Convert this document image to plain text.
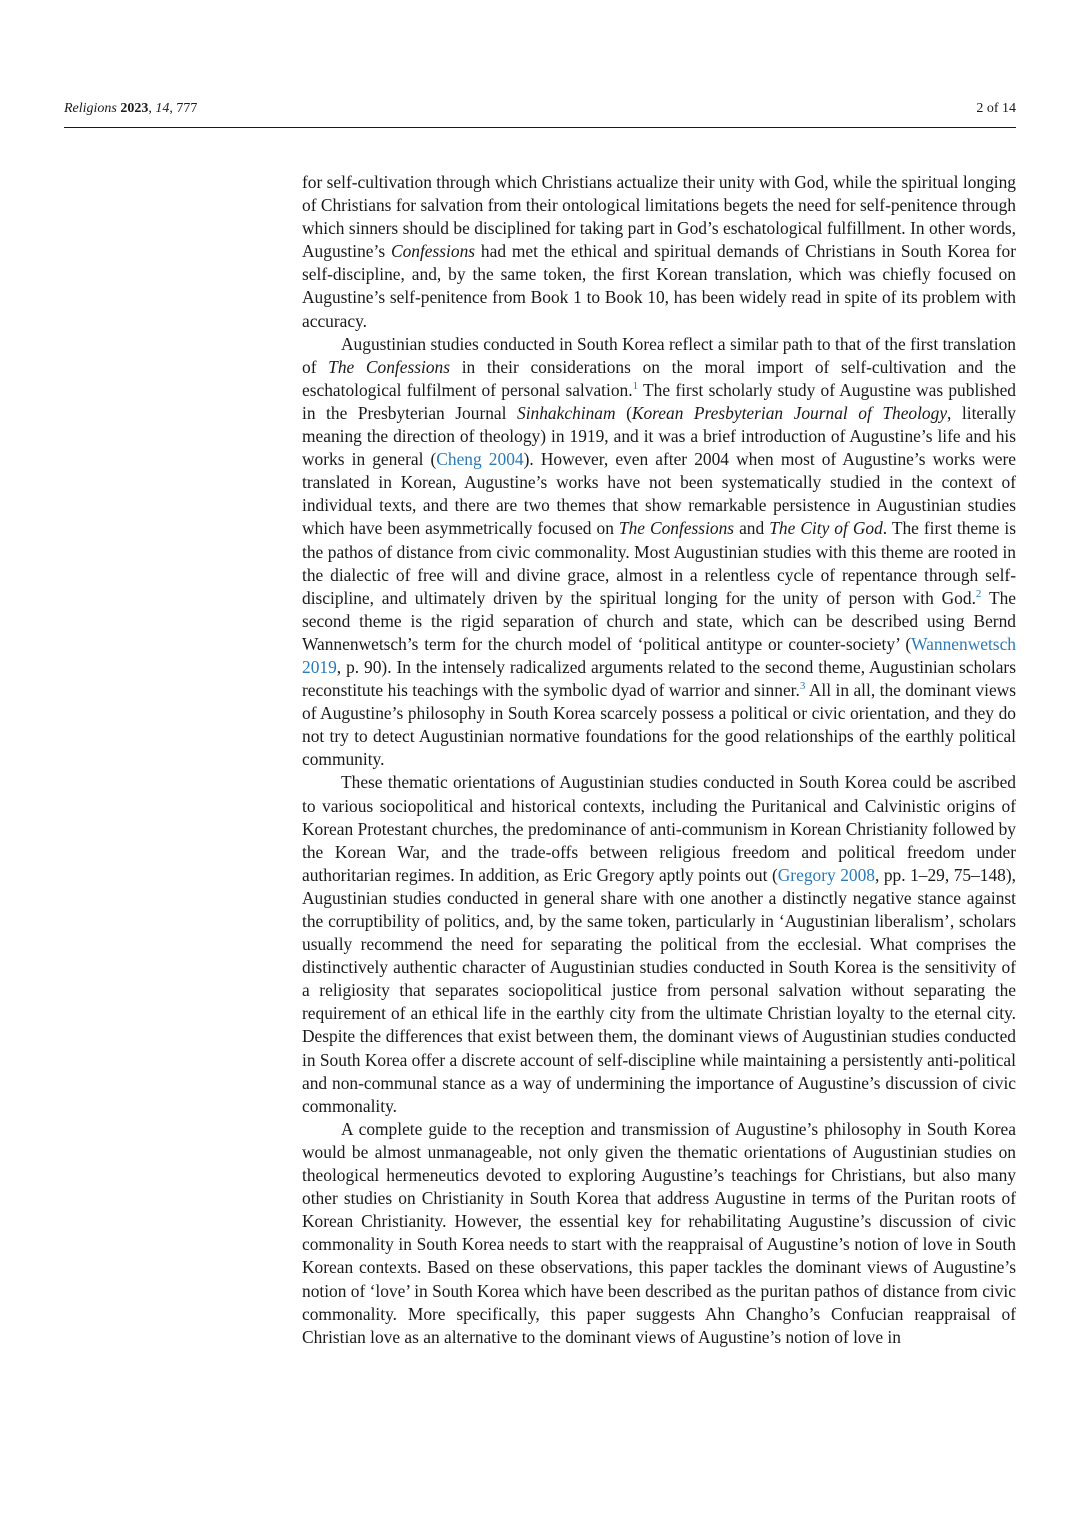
Religions 2023, 14, 777	2 of 14

for self-cultivation through which Christians actualize their unity with God, while the spiritual longing of Christians for salvation from their ontological limitations begets the need for self-penitence through which sinners should be disciplined for taking part in God’s eschatological fulfillment. In other words, Augustine’s Confessions had met the ethical and spiritual demands of Christians in South Korea for self-discipline, and, by the same token, the first Korean translation, which was chiefly focused on Augustine’s self-penitence from Book 1 to Book 10, has been widely read in spite of its problem with accuracy.

Augustinian studies conducted in South Korea reflect a similar path to that of the first translation of The Confessions in their considerations on the moral import of self-cultivation and the eschatological fulfilment of personal salvation.$^1$ The first scholarly study of Augustine was published in the Presbyterian Journal Sinhakchinam (Korean Presbyterian Journal of Theology, literally meaning the direction of theology) in 1919, and it was a brief introduction of Augustine’s life and his works in general (Cheng 2004). However, even after 2004 when most of Augustine’s works were translated in Korean, Augustine’s works have not been systematically studied in the context of individual texts, and there are two themes that show remarkable persistence in Augustinian studies which have been asymmetrically focused on The Confessions and The City of God. The first theme is the pathos of distance from civic commonality. Most Augustinian studies with this theme are rooted in the dialectic of free will and divine grace, almost in a relentless cycle of repentance through self-discipline, and ultimately driven by the spiritual longing for the unity of person with God.$^2$ The second theme is the rigid separation of church and state, which can be described using Bernd Wannenwetsch’s term for the church model of ‘political antitype or counter-society’ (Wannenwetsch 2019, p. 90). In the intensely radicalized arguments related to the second theme, Augustinian scholars reconstitute his teachings with the symbolic dyad of warrior and sinner.$^3$ All in all, the dominant views of Augustine’s philosophy in South Korea scarcely possess a political or civic orientation, and they do not try to detect Augustinian normative foundations for the good relationships of the earthly political community.

These thematic orientations of Augustinian studies conducted in South Korea could be ascribed to various sociopolitical and historical contexts, including the Puritanical and Calvinistic origins of Korean Protestant churches, the predominance of anti-communism in Korean Christianity followed by the Korean War, and the trade-offs between religious freedom and political freedom under authoritarian regimes. In addition, as Eric Gregory aptly points out (Gregory 2008, pp. 1–29, 75–148), Augustinian studies conducted in general share with one another a distinctly negative stance against the corruptibility of politics, and, by the same token, particularly in ‘Augustinian liberalism’, scholars usually recommend the need for separating the political from the ecclesial. What comprises the distinctively authentic character of Augustinian studies conducted in South Korea is the sensitivity of a religiosity that separates sociopolitical justice from personal salvation without separating the requirement of an ethical life in the earthly city from the ultimate Christian loyalty to the eternal city. Despite the differences that exist between them, the dominant views of Augustinian studies conducted in South Korea offer a discrete account of self-discipline while maintaining a persistently anti-political and non-communal stance as a way of undermining the importance of Augustine’s discussion of civic commonality.

A complete guide to the reception and transmission of Augustine’s philosophy in South Korea would be almost unmanageable, not only given the thematic orientations of Augustinian studies on theological hermeneutics devoted to exploring Augustine’s teachings for Christians, but also many other studies on Christianity in South Korea that address Augustine in terms of the Puritan roots of Korean Christianity. However, the essential key for rehabilitating Augustine’s discussion of civic commonality in South Korea needs to start with the reappraisal of Augustine’s notion of love in South Korean contexts. Based on these observations, this paper tackles the dominant views of Augustine’s notion of ‘love’ in South Korea which have been described as the puritan pathos of distance from civic commonality. More specifically, this paper suggests Ahn Changho’s Confucian reappraisal of Christian love as an alternative to the dominant views of Augustine’s notion of love in
